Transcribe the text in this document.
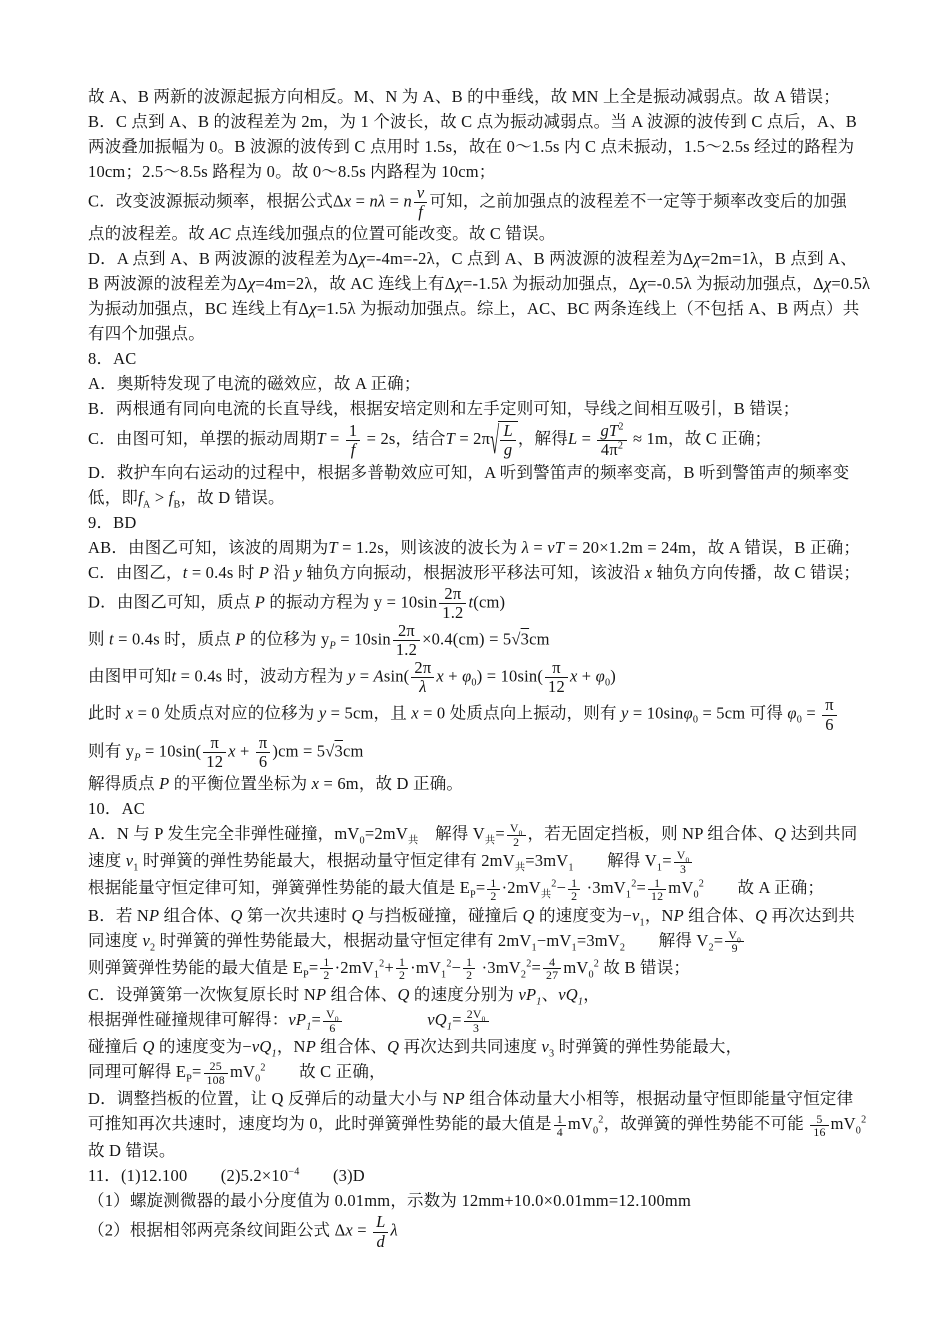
故 A、B 两新的波源起振方向相反。M、N 为 A、B 的中垂线，故 MN 上全是振动减弱点。故 A 错误；
B．C 点到 A、B 的波程差为 2m，为 1 个波长，故 C 点为振动减弱点。当 A 波源的波传到 C 点后，A、B
两波叠加振幅为 0。B 波源的波传到 C 点用时 1.5s，故在 0～1.5s 内 C 点未振动，1.5～2.5s 经过的路程为
10cm；2.5～8.5s 路程为 0。故 0～8.5s 内路程为 10cm；
C．改变波源振动频率，根据公式Δx = nλ = n $\frac{v}{f}$ 可知，之前加强点的波程差不一定等于频率改变后的加强
点的波程差。故 AC 点连线加强点的位置可能改变。故 C 错误。
D．A 点到 A、B 两波源的波程差为Δχ=-4m=-2λ，C 点到 A、B 两波源的波程差为Δχ=2m=1λ，B 点到 A、
B 两波源的波程差为Δχ=4m=2λ，故 AC 连线上有Δχ=-1.5λ 为振动加强点，Δχ=-0.5λ 为振动加强点，Δχ=0.5λ
为振动加强点，BC 连线上有Δχ=1.5λ 为振动加强点。综上，AC、BC 两条连线上（不包括 A、B 两点）共
有四个加强点。
8．AC
A．奥斯特发现了电流的磁效应，故 A 正确；
B．两根通有同向电流的长直导线，根据安培定则和左手定则可知，导线之间相互吸引，B 错误；
C．由图可知，单摆的振动周期$T = \frac{1}{f} = 2s$，结合T = 2π √ $\frac{L}{g}$ ，解得$L = \frac{gT^2}{4\pi^2} \approx 1m$，故 C 正确；
D．救护车向右运动的过程中，根据多普勒效应可知，A 听到警笛声的频率变高，B 听到警笛声的频率变
低，即$f_A > f_B$，故 D 错误。
9．BD
AB．由图乙可知，该波的周期为T = 1.2s，则该波的波长为 λ = vT = 20×1.2m = 24m，故 A 错误，B 正确；
C．由图乙，t = 0.4s 时 P 沿 y 轴负方向振动，根据波形平移法可知，该波沿 x 轴负方向传播，故 C 错误；
D．由图乙可知，质点 P 的振动方程为 $y = 10\sin \frac{2\pi}{1.2} t(cm)$
则 t = 0.4s 时，质点 P 的位移为 $y_P = 10\sin \frac{2\pi}{1.2} \times 0.4(cm) = 5√3cm$
由图甲可知t = 0.4s 时，波动方程为 $y = Asin( \frac{2\pi}{\lambda}$ $x + \varphi_0) = 10\sin( \frac{\pi}{12}$ $x + \varphi_0$)
此时 x = 0 处质点对应的位移为 y = 5cm，且 x = 0 处质点向上振动，则有 y = 10sinφ$_0$ = 5cm 可得 $\varphi_0 = \frac{\pi}{6}$
则有 $y_P = 10\sin( \frac{\pi}{12}$ $x + \frac{\pi}{6} )cm = 5√3cm$
解得质点 P 的平衡位置坐标为 x = 6m，故 D 正确。
10．AC
A．N 与 P 发生完全非弹性碰撞，$mV_0=2mV_共$　解得 $V_共= \frac{V_0}{2}$ ，若无固定挡板，则 NP 组合体、Q 达到共同
速度 $v_1$ 时弹簧的弹性势能最大，根据动量守恒定律有 $2mV_共=3mV_1$　　解得 $V_1= \frac{V_0}{3}$
根据能量守恒定律可知，弹簧弹性势能的最大值是 $E_P= \frac{1}{2} \cdot 2mV_共^2- \frac{1}{2} \cdot 3mV_1^2= \frac{1}{12} mV_0^2$　　故 A 正确；
B．若 NP 组合体、Q 第一次共速时 Q 与挡板碰撞，碰撞后 Q 的速度变为$-v_1$，NP 组合体、Q 再次达到共
同速度 $v_2$ 时弹簧的弹性势能最大，根据动量守恒定律有 $2mV_1-mV_1=3mV_2$　　解得 $V_2= \frac{V_0}{9}$
则弹簧弹性势能的最大值是 $E_P= \frac{1}{2} \cdot 2mV_1^2+ \frac{1}{2} \cdot mV_1^2- \frac{1}{2} \cdot 3mV_2^2= \frac{4}{27} mV_0^2$ 故 B 错误；
C．设弹簧第一次恢复原长时 NP 组合体、Q 的速度分别为 $vP_1$、$vQ_1$，
根据弹性碰撞规律可解得：$vP_1= \frac{V_0}{6}$
　　　　　	$vQ_1= \frac{2V_0}{3}$
碰撞后 Q 的速度变为$-vQ_1$，NP 组合体、Q 再次达到共同速度 $v_3$ 时弹簧的弹性势能最大，
同理可解得 $E_P= \frac{25}{108} mV_0^2$　　故 C 正确，
D．调整挡板的位置，让 Q 反弹后的动量大小与 NP 组合体动量大小相等，根据动量守恒即能量守恒定律
可推知再次共速时，速度均为 0，此时弹簧弹性势能的最大值是 $\frac{1}{4} mV_0^2$，故弹簧的弹性势能不可能 $\frac{5}{16} mV_0^2$
故 D 错误。
11．(1)12.100　　$(2)5.2\times 10^{-4}$　　(3)D
（1）螺旋测微器的最小分度值为 0.01mm，示数为 12mm+10.0×0.01mm=12.100mm
（2）根据相邻两亮条纹间距公式 $\Delta x = \frac{L}{d}$ λ
